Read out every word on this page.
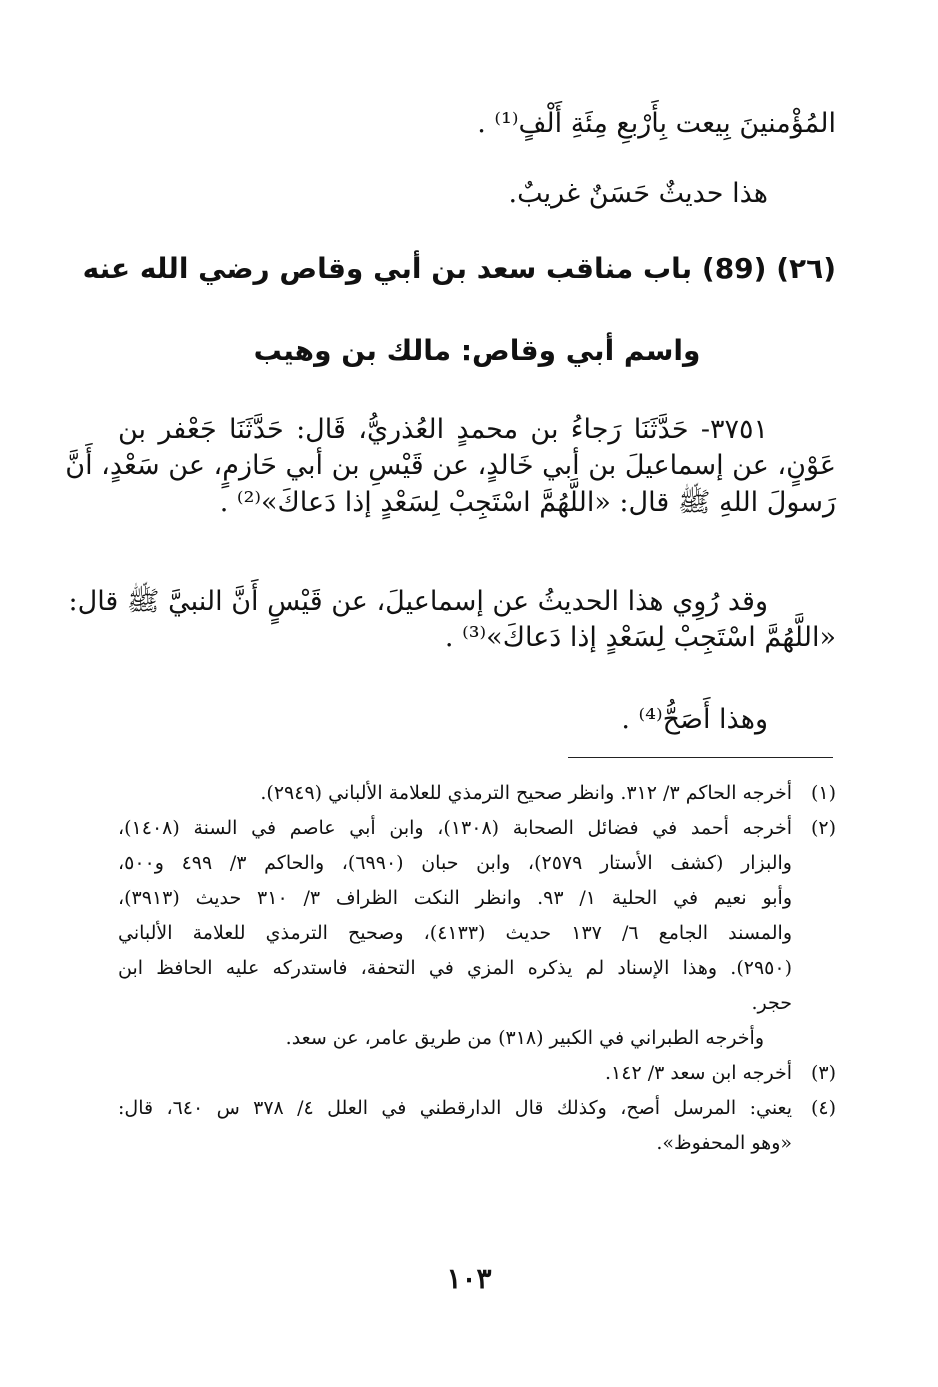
المُؤْمنينَ بِيعت بِأَرْبعِ مِئَةِ أَلْفٍ⁽¹⁾ .
هذا حديثٌ حَسَنٌ غريبٌ.
(٢٦) (89) باب مناقب سعد بن أبي وقاص رضي الله عنه
واسم أبي وقاص: مالك بن وهيب
٣٧٥١- حَدَّثَنَا رَجاءُ بن محمدٍ العُذريُّ، قَال: حَدَّثَنَا جَعْفر بن
عَوْنٍ، عن إسماعيلَ بن أبي خَالدٍ، عن قَيْسِ بن أبي حَازمٍ، عن سَعْدٍ، أَنَّ
رَسولَ اللهِ ﷺ قال: «اللَّهُمَّ اسْتَجِبْ لِسَعْدٍ إذا دَعاكَ»⁽²⁾ .
وقد رُوِي هذا الحديثُ عن إسماعيلَ، عن قَيْسٍ أَنَّ النبيَّ ﷺ قال:
«اللَّهُمَّ اسْتَجِبْ لِسَعْدٍ إذا دَعاكَ»⁽³⁾ .
وهذا أَصَحُّ⁽⁴⁾ .
(١)
أخرجه الحاكم ٣/ ٣١٢. وانظر صحيح الترمذي للعلامة الألباني (٢٩٤٩).
(٢)
أخرجه أحمد في فضائل الصحابة (١٣٠٨)، وابن أبي عاصم في السنة (١٤٠٨)،
والبزار (كشف الأستار ٢٥٧٩)، وابن حبان (٦٩٩٠)، والحاكم ٣/ ٤٩٩ و٥٠٠،
وأبو نعيم في الحلية ١/ ٩٣. وانظر النكت الظراف ٣/ ٣١٠ حديث (٣٩١٣)،
والمسند الجامع ٦/ ١٣٧ حديث (٤١٣٣)، وصحيح الترمذي للعلامة الألباني
(٢٩٥٠). وهذا الإسناد لم يذكره المزي في التحفة، فاستدركه عليه الحافظ ابن
حجر.
وأخرجه الطبراني في الكبير (٣١٨) من طريق عامر، عن سعد.
(٣)
أخرجه ابن سعد ٣/ ١٤٢.
(٤)
يعني: المرسل أصح، وكذلك قال الدارقطني في العلل ٤/ ٣٧٨ س ٦٤٠، قال:
«وهو المحفوظ».
١٠٣
